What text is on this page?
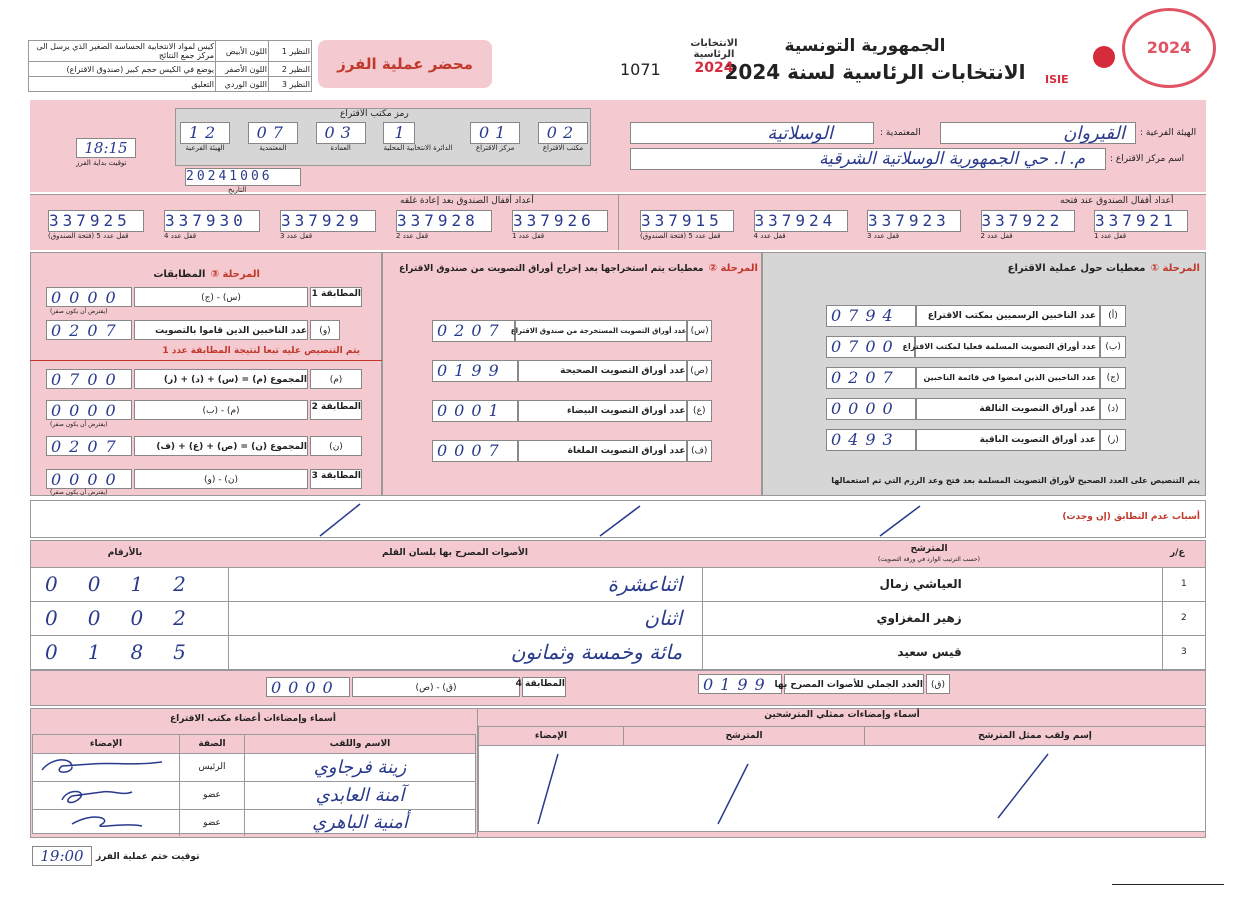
2024
ISIE
الجمهورية التونسية
الانتخابات الرئاسية لسنة 2024
الانتخابات الرئاسية
2024
1071
محضر عملية الفرز
كيس لمواد الانتخابية الحساسة الصغير الذي يرسل الى مركز جمع النتائج	اللون الأبيض	النظير 1
يوضع في الكيس حجم كبير (صندوق الاقتراع)	اللون الأصفر	النظير 2
التعليق	اللون الوردي	النظير 3
رمز مكتب الاقتراع
02
مكتب الاقتراع
01
مركز الاقتراع
1
الدائرة الانتخابية المحلية
03
العمادة
07
المعتمدية
12
الهيئة الفرعية
20241006
التاريخ
18:15
توقيت بداية الفرز
الهيئة الفرعية :
القيروان
المعتمدية :
الوسلاتية
اسم مركز الاقتراع :
م. ا. حي الجمهورية الوسلاتية الشرقية
أعداد أقفال الصندوق بعد إعادة غلقه	أعداد أقفال الصندوق عند فتحه
337926
قفل عدد 1
337928
قفل عدد 2
337929
قفل عدد 3
337930
قفل عدد 4
337925
قفل عدد 5 (فتحة الصندوق)
337921
قفل عدد 1
337922
قفل عدد 2
337923
قفل عدد 3
337924
قفل عدد 4
337915
قفل عدد 5 (فتحة الصندوق)
المرحلة ① معطيات حول عملية الاقتراع
0794	عدد الناخبين الرسميين بمكتب الاقتراع	(أ)
0700 عدد أوراق التصويت المسلمة فعليا لمكتب الاقتراع	(ب)
0207	عدد الناخبين الذين امضوا في قائمة الناخبين	(ج)
0000	عدد أوراق التصويت التالفة	(د)
0493	عدد أوراق التصويت الباقية	(ر)
يتم التنصيص على العدد الصحيح لأوراق التصويت المسلمة بعد فتح وعد الرزم التي تم استعمالها
المرحلة ② معطيات يتم استخراجها بعد إخراج أوراق التصويت من صندوق الاقتراع
0207 عدد أوراق التصويت المستخرجة من صندوق الاقتراع (س)
0199	عدد أوراق التصويت الصحيحة (ص)
0001	عدد أوراق التصويت البيضاء (ع)
0007	عدد أوراق التصويت الملغاة (ف)
المرحلة ③ المطابقات
0000	(ج) - (س)	المطابقة 1
(يفترض أن يكون صفر)
0207	عدد الناخبين الذين قاموا بالتصويت	(و)
يتم التنصيص عليه تبعا لنتيجة المطابقة عدد 1
0700	المجموع (م) = (س) + (د) + (ر)	(م)
0000	(ب) - (م)	المطابقة 2
(يفترض أن يكون صفر)
0207	المجموع (ن) = (ص) + (ع) + (ف)	(ن)
0000	(و) - (ن)	المطابقة 3
(يفترض أن يكون صفر)
أسباب عدم التطابق (إن وجدت)
ع/ر
المترشح
(حسب الترتيب الوارد في ورقة التصويت)
الأصوات المصرح بها بلسان القلم
بالأرقام
0012	اثناعشرة	العياشي زمال	1
0002	اثنان	زهير المغزاوي	2
0185	مائة وخمسة وثمانون	قيس سعيد	3
0199 العدد الجملي للأصوات المصرح بها (ق)
0000	(ص) - (ق)	المطابقة 4
أسماء وإمضاءات ممثلي المترشحين
أسماء وإمضاءات أعضاء مكتب الاقتراع
الإمضاء	المترشح	إسم ولقب ممثل المترشح
الإمضاء	الصفة	الاسم واللقب
الرئيس	زينة فرجاوي
عضو	آمنة العابدي
عضو	أمنية الباهري
19:00	توقيت ختم عملية الفرز
